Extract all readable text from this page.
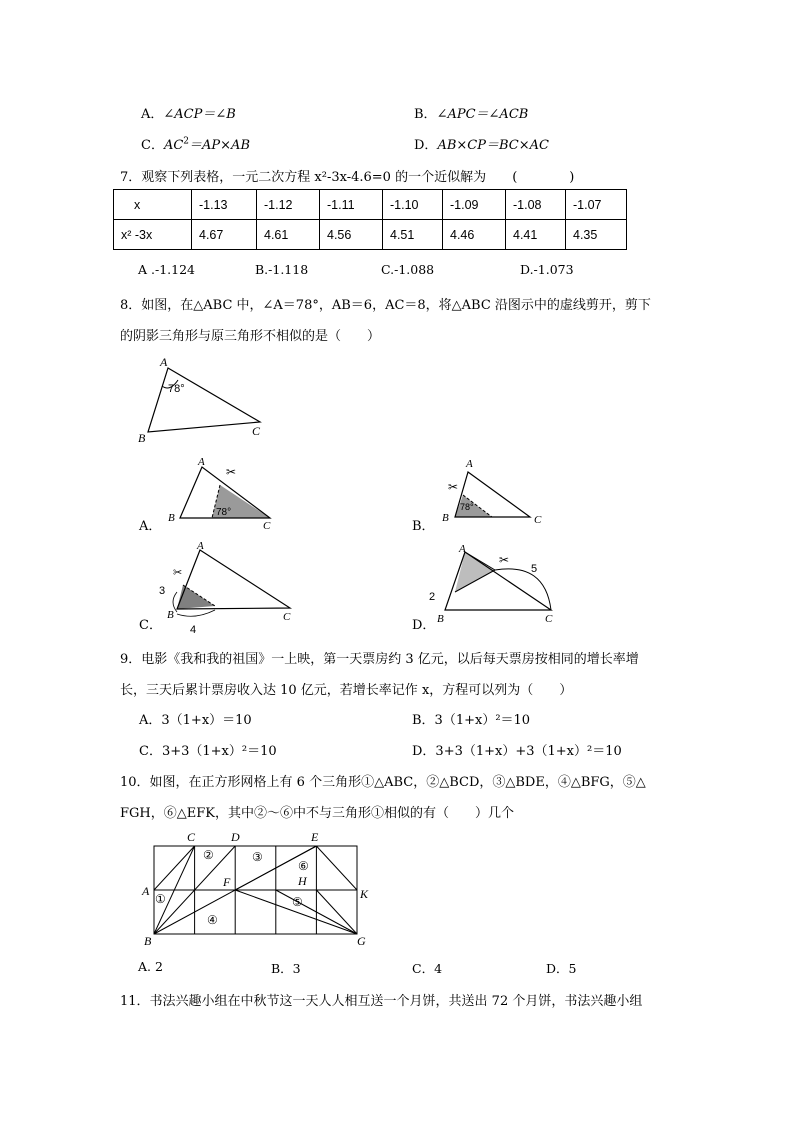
A．∠ACP＝∠B	B．∠APC＝∠ACB
C．$AC^2=AP\times AB$	D．AB×CP＝BC×AC
7．观察下列表格，一元二次方程 x²-3x-4.6=0 的一个近似解为 (　　　　)
x	-1.13	-1.12	-1.11	-1.10	-1.09	-1.08	-1.07
x² -3x	4.67	4.61	4.56	4.51	4.46	4.41	4.35
A .-1.124	B.-1.118	C.-1.088	D.-1.073
8．如图，在△ABC 中，∠A＝78°，AB＝6，AC＝8，将△ABC 沿图示中的虚线剪开，剪下
的阴影三角形与原三角形不相似的是（　　）
A
B	C
78°
A．
✂
A
B
C
78°
B．
✂
A
B	C
78°
C．
✂
A
B	C
3
4	D．
✂
A
B	C
2
5
9．电影《我和我的祖国》一上映，第一天票房约 3 亿元，以后每天票房按相同的增长率增
长，三天后累计票房收入达 10 亿元，若增长率记作 x，方程可以列为（　　）
A．3（1+x）＝10	B．3（1+x）²＝10
C．3+3（1+x）²＝10	D．3+3（1+x）+3（1+x）²＝10
10．如图，在正方形网格上有 6 个三角形①△ABC，②△BCD，③△BDE，④△BFG，⑤△
FGH，⑥△EFK，其中②～⑥中不与三角形①相似的有（　　）几个
C	D	E
A
B
F	H
K
G
①
②	③
④
⑤
⑥
A. 2	B．3	C．4	D．5
11．书法兴趣小组在中秋节这一天人人相互送一个月饼，共送出 72 个月饼，书法兴趣小组
